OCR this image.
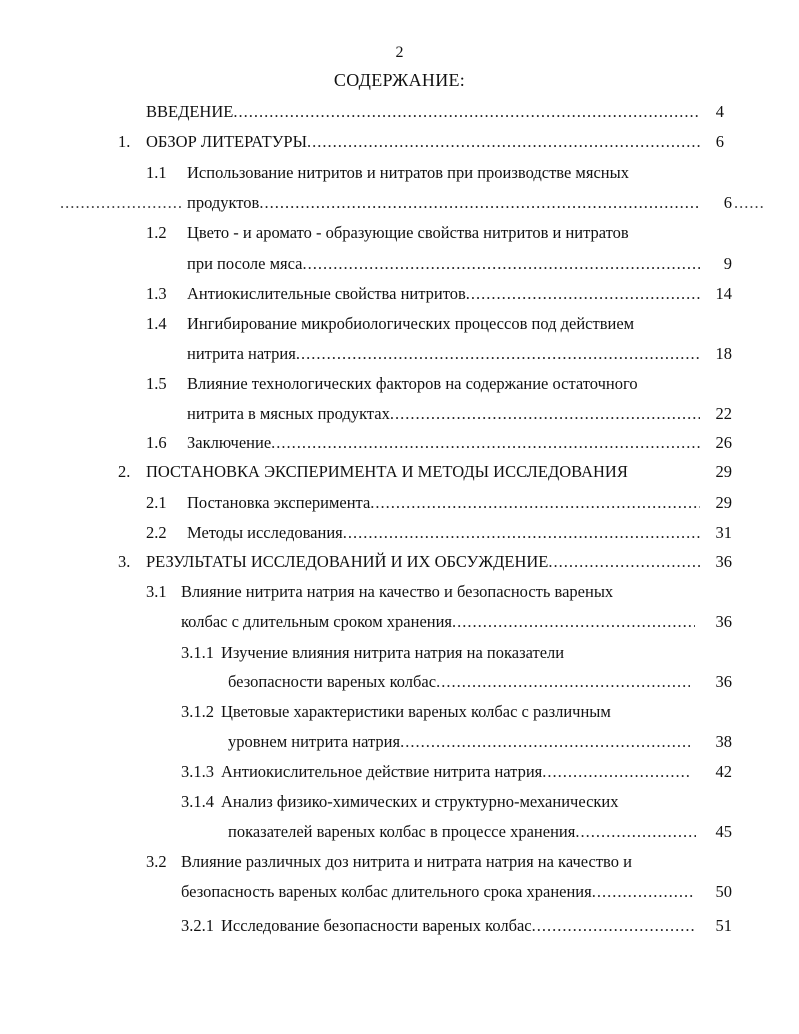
2
СОДЕРЖАНИЕ:
ВВЕДЕНИЕ .....	4
1. ОБЗОР ЛИТЕРАТУРЫ .....	6
1.1 Использование нитритов и нитратов при производстве мясных
.....
продуктов .....	6
.....
1.2 Цвето - и аромато - образующие свойства нитритов и нитратов
при посоле мяса .....	9
1.3 Антиокислительные свойства нитритов .....	14
1.4 Ингибирование микробиологических процессов под действием
нитрита натрия .....	18
1.5 Влияние технологических факторов на содержание остаточного
нитрита в мясных продуктах .....	22
1.6 Заключение .....	26
2. ПОСТАНОВКА ЭКСПЕРИМЕНТА И МЕТОДЫ ИССЛЕДОВАНИЯ	29
2.1 Постановка эксперимента .....	29
2.2 Методы исследования .....	31
3. РЕЗУЛЬТАТЫ ИССЛЕДОВАНИЙ И ИХ ОБСУЖДЕНИЕ .....	36
3.1 Влияние нитрита натрия на качество и безопасность вареных
колбас с длительным сроком хранения .....	36
3.1.1 Изучение влияния нитрита натрия на показатели
безопасности вареных колбас .....	36
3.1.2 Цветовые характеристики вареных колбас с различным
уровнем нитрита натрия .....	38
3.1.3 Антиокислительное действие нитрита натрия .....	42
3.1.4 Анализ физико-химических и структурно-механических
показателей вареных колбас в процессе хранения .....	45
3.2 Влияние различных доз нитрита и нитрата натрия на качество и
безопасность вареных колбас длительного срока хранения .....	50
3.2.1 Исследование безопасности вареных колбас .....	51
